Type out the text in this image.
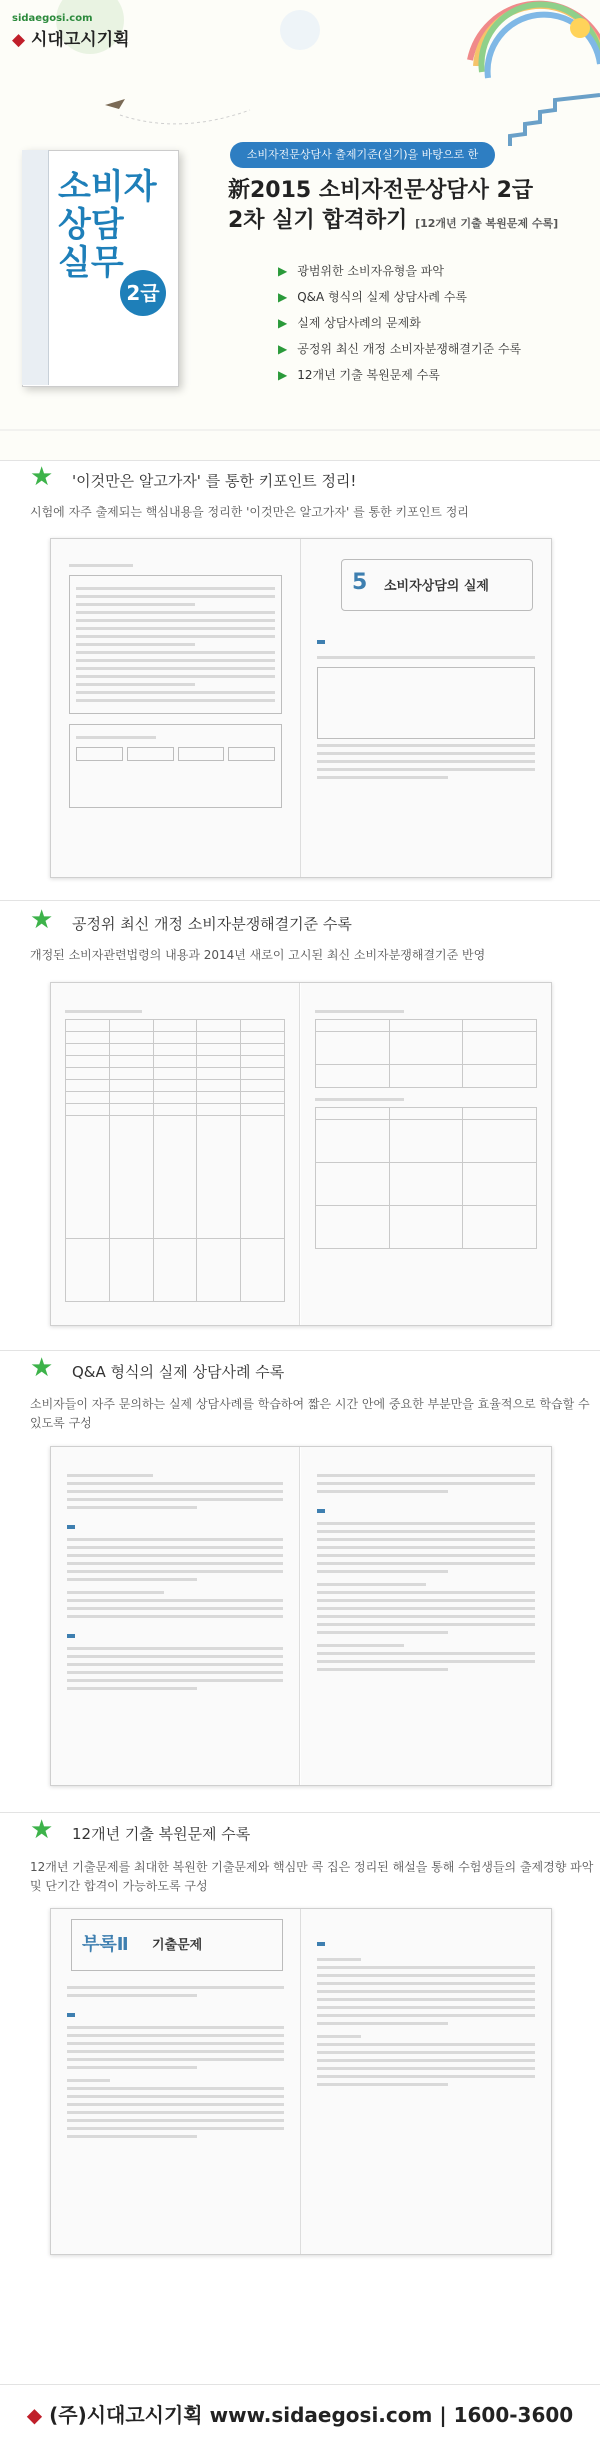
sidaegosi.com
◆ 시대고시기획
소비자 상담 실무
2급
소비자전문상담사 출제기준(실기)을 바탕으로 한
新2015 소비자전문상담사 2급
2차 실기 합격하기 [12개년 기출 복원문제 수록]
▶ 광범위한 소비자유형을 파악
▶ Q&A 형식의 실제 상담사례 수록
▶ 실제 상담사례의 문제화
▶ 공정위 최신 개정 소비자분쟁해결기준 수록
▶ 12개년 기출 복원문제 수록
★ '이것만은 알고가자' 를 통한 키포인트 정리!
시험에 자주 출제되는 핵심내용을 정리한 '이것만은 알고가자' 를 통한 키포인트 정리
5 소비자상담의 실제
★ 공정위 최신 개정 소비자분쟁해결기준 수록
개정된 소비자관련법령의 내용과 2014년 새로이 고시된 최신 소비자분쟁해결기준 반영

★ Q&A 형식의 실제 상담사례 수록
소비자들이 자주 문의하는 실제 상담사례를 학습하여 짧은 시간 안에 중요한 부분만을 효율적으로 학습할 수
있도록 구성
★ 12개년 기출 복원문제 수록
12개년 기출문제를 최대한 복원한 기출문제와 핵심만 콕 집은 정리된 해설을 통해 수험생들의 출제경향 파악
및 단기간 합격이 가능하도록 구성
부록Ⅱ 기출문제
◆ (주)시대고시기획 www.sidaegosi.com | 1600-3600
